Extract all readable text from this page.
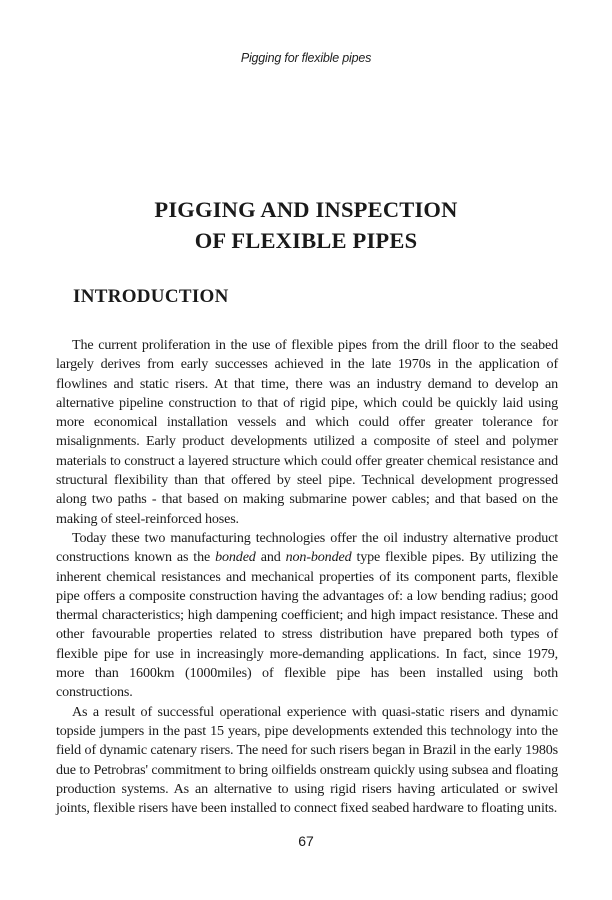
Pigging for flexible pipes
PIGGING AND INSPECTION
OF FLEXIBLE PIPES
INTRODUCTION

The current proliferation in the use of flexible pipes from the drill floor to the seabed largely derives from early successes achieved in the late 1970s in the application of flowlines and static risers. At that time, there was an industry demand to develop an alternative pipeline construction to that of rigid pipe, which could be quickly laid using more economical installation vessels and which could offer greater tolerance for misalignments. Early product developments utilized a composite of steel and polymer materials to construct a layered structure which could offer greater chemical resistance and structural flexibility than that offered by steel pipe. Technical development progressed along two paths - that based on making submarine power cables; and that based on the making of steel-reinforced hoses.

Today these two manufacturing technologies offer the oil industry alternative product constructions known as the bonded and non-bonded type flexible pipes. By utilizing the inherent chemical resistances and mechanical properties of its component parts, flexible pipe offers a composite construction having the advantages of: a low bending radius; good thermal characteristics; high dampening coefficient; and high impact resistance. These and other favourable properties related to stress distribution have prepared both types of flexible pipe for use in increasingly more-demanding applications. In fact, since 1979, more than 1600km (1000miles) of flexible pipe has been installed using both constructions.

As a result of successful operational experience with quasi-static risers and dynamic topside jumpers in the past 15 years, pipe developments extended this technology into the field of dynamic catenary risers. The need for such risers began in Brazil in the early 1980s due to Petrobras' commitment to bring oilfields onstream quickly using subsea and floating production systems. As an alternative to using rigid risers having articulated or swivel joints, flexible risers have been installed to connect fixed seabed hardware to floating units.

67
